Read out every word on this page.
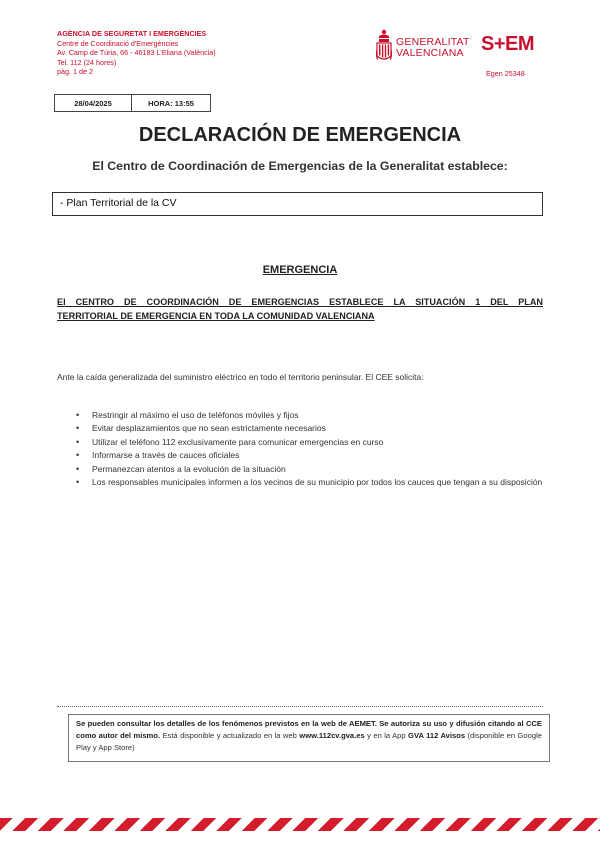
AGÈNCIA DE SEGURETAT I EMERGÈNCIES
Centre de Coordinació d'Emergències
Av. Camp de Túria, 66 - 46183 L'Eliana (València)
Tel. 112 (24 hores)
pàg. 1 de 2
GENERALITAT
VALENCIANA S+EM
Egen 25348
28/04/2025	HORA: 13:55
DECLARACIÓN DE EMERGENCIA
El Centro de Coordinación de Emergencias de la Generalitat establece:
- Plan Territorial de la CV
EMERGENCIA
El CENTRO DE COORDINACIÓN DE EMERGENCIAS ESTABLECE LA SITUACIÓN 1 DEL PLAN
TERRITORIAL DE EMERGENCIA EN TODA LA COMUNIDAD VALENCIANA
Ante la caída generalizada del suministro eléctrico en todo el territorio peninsular. El CEE solicita:
• Restringir al máximo el uso de teléfonos móviles y fijos
• Evitar desplazamientos que no sean estrictamente necesarios
• Utilizar el teléfono 112 exclusivamente para comunicar emergencias en curso
• Informarse a través de cauces oficiales
• Permanezcan atentos a la evolución de la situación
• Los responsables municipales informen a los vecinos de su municipio por todos los cauces que tengan a su disposición

Se pueden consultar los detalles de los fenómenos previstos en la web de AEMET. Se autoriza su uso y difusión citando al CCE como autor del mismo. Está disponible y actualizado en la web www.112cv.gva.es y en la App GVA 112 Avisos (disponible en Google Play y App Store)
